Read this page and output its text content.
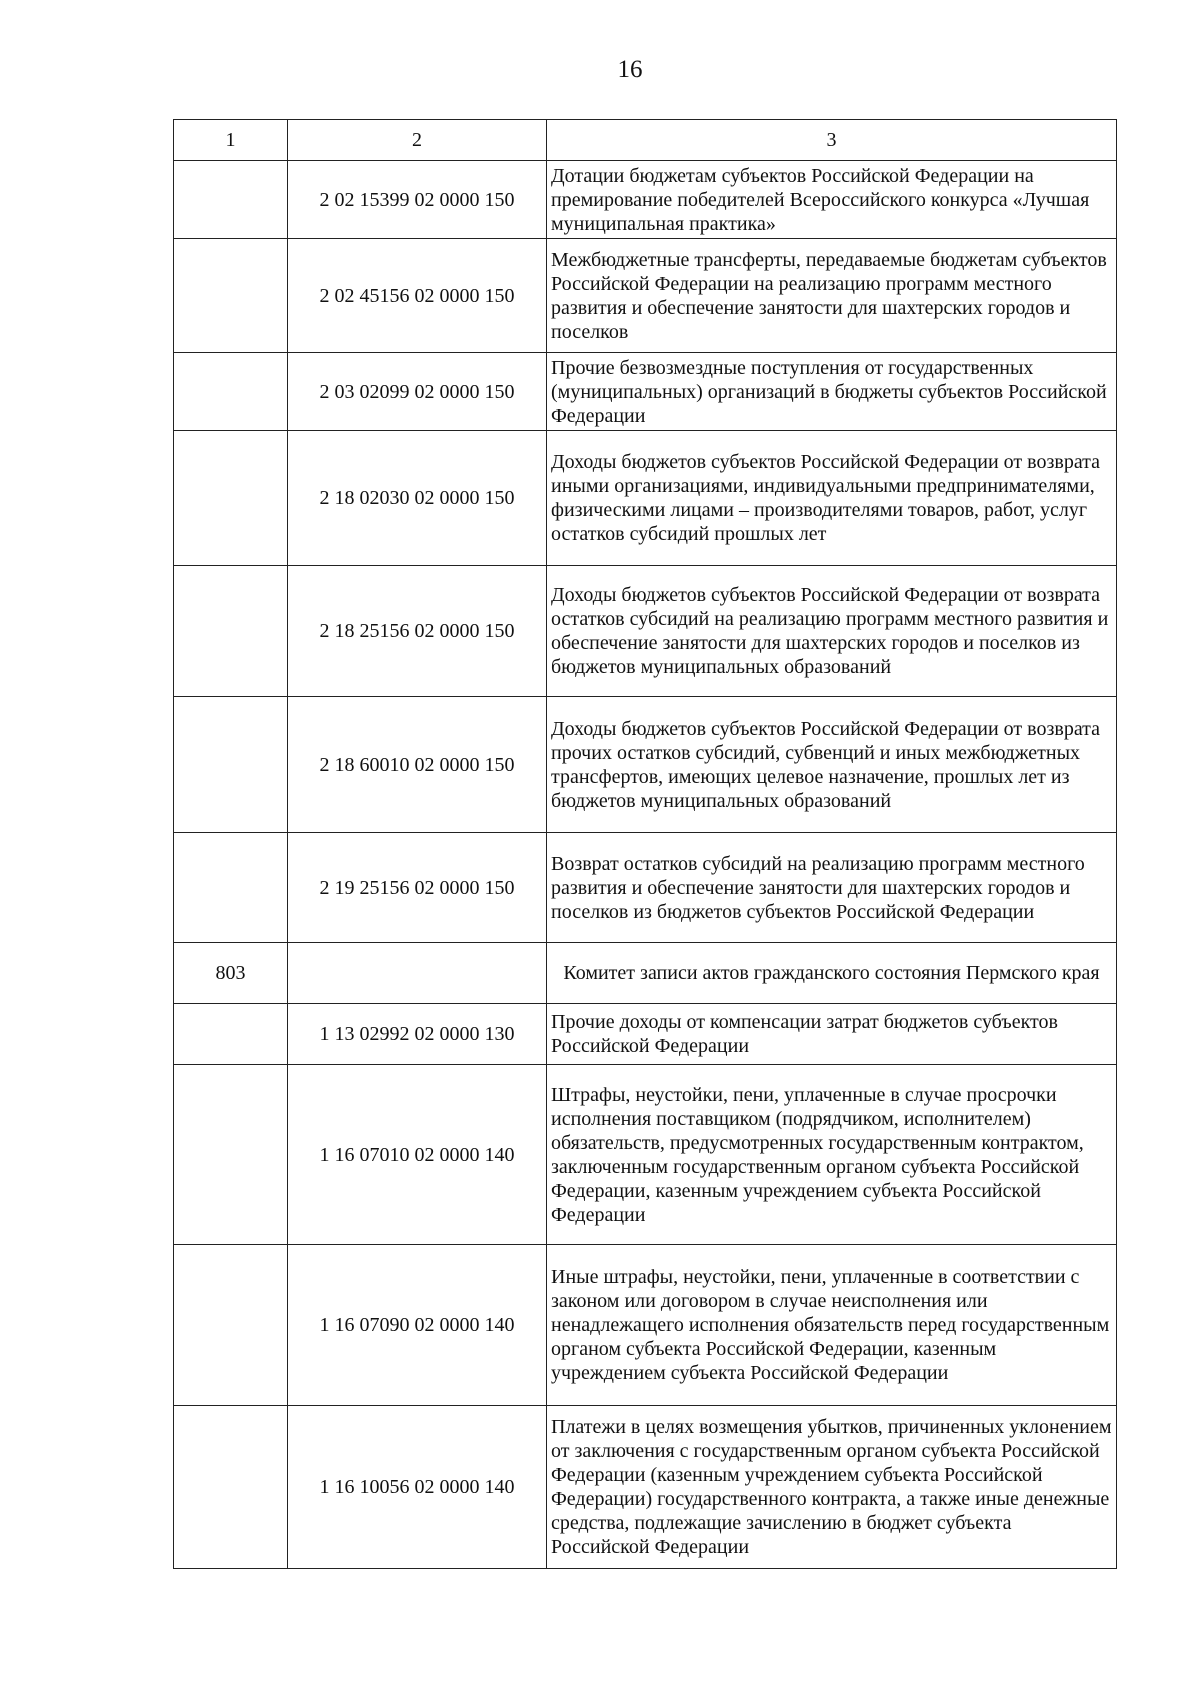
16
1	2	3
	2 02 15399 02 0000 150	Дотации бюджетам субъектов Российской Федерации на премирование победителей Всероссийского конкурса «Лучшая муниципальная практика»
	2 02 45156 02 0000 150	Межбюджетные трансферты, передаваемые бюджетам субъектов Российской Федерации на реализацию программ местного развития и обеспечение занятости для шахтерских городов и поселков
	2 03 02099 02 0000 150	Прочие безвозмездные поступления от государственных (муниципальных) организаций в бюджеты субъектов Российской Федерации
	2 18 02030 02 0000 150	Доходы бюджетов субъектов Российской Федерации от возврата иными организациями, индивидуальными предпринимателями, физическими лицами – производителями товаров, работ, услуг остатков субсидий прошлых лет
	2 18 25156 02 0000 150	Доходы бюджетов субъектов Российской Федерации от возврата остатков субсидий на реализацию программ местного развития и обеспечение занятости для шахтерских городов и поселков из бюджетов муниципальных образований
	2 18 60010 02 0000 150	Доходы бюджетов субъектов Российской Федерации от возврата прочих остатков субсидий, субвенций и иных межбюджетных трансфертов, имеющих целевое назначение, прошлых лет из бюджетов муниципальных образований
	2 19 25156 02 0000 150	Возврат остатков субсидий на реализацию программ местного развития и обеспечение занятости для шахтерских городов и поселков из бюджетов субъектов Российской Федерации
803		Комитет записи актов гражданского состояния Пермского края
	1 13 02992 02 0000 130	Прочие доходы от компенсации затрат бюджетов субъектов Российской Федерации
	1 16 07010 02 0000 140	Штрафы, неустойки, пени, уплаченные в случае просрочки исполнения поставщиком (подрядчиком, исполнителем) обязательств, предусмотренных государственным контрактом, заключенным государственным органом субъекта Российской Федерации, казенным учреждением субъекта Российской Федерации
	1 16 07090 02 0000 140	Иные штрафы, неустойки, пени, уплаченные в соответствии с законом или договором в случае неисполнения или ненадлежащего исполнения обязательств перед государственным органом субъекта Российской Федерации, казенным учреждением субъекта Российской Федерации
	1 16 10056 02 0000 140	Платежи в целях возмещения убытков, причиненных уклонением от заключения с государственным органом субъекта Российской Федерации (казенным учреждением субъекта Российской Федерации) государственного контракта, а также иные денежные средства, подлежащие зачислению в бюджет субъекта Российской Федерации
